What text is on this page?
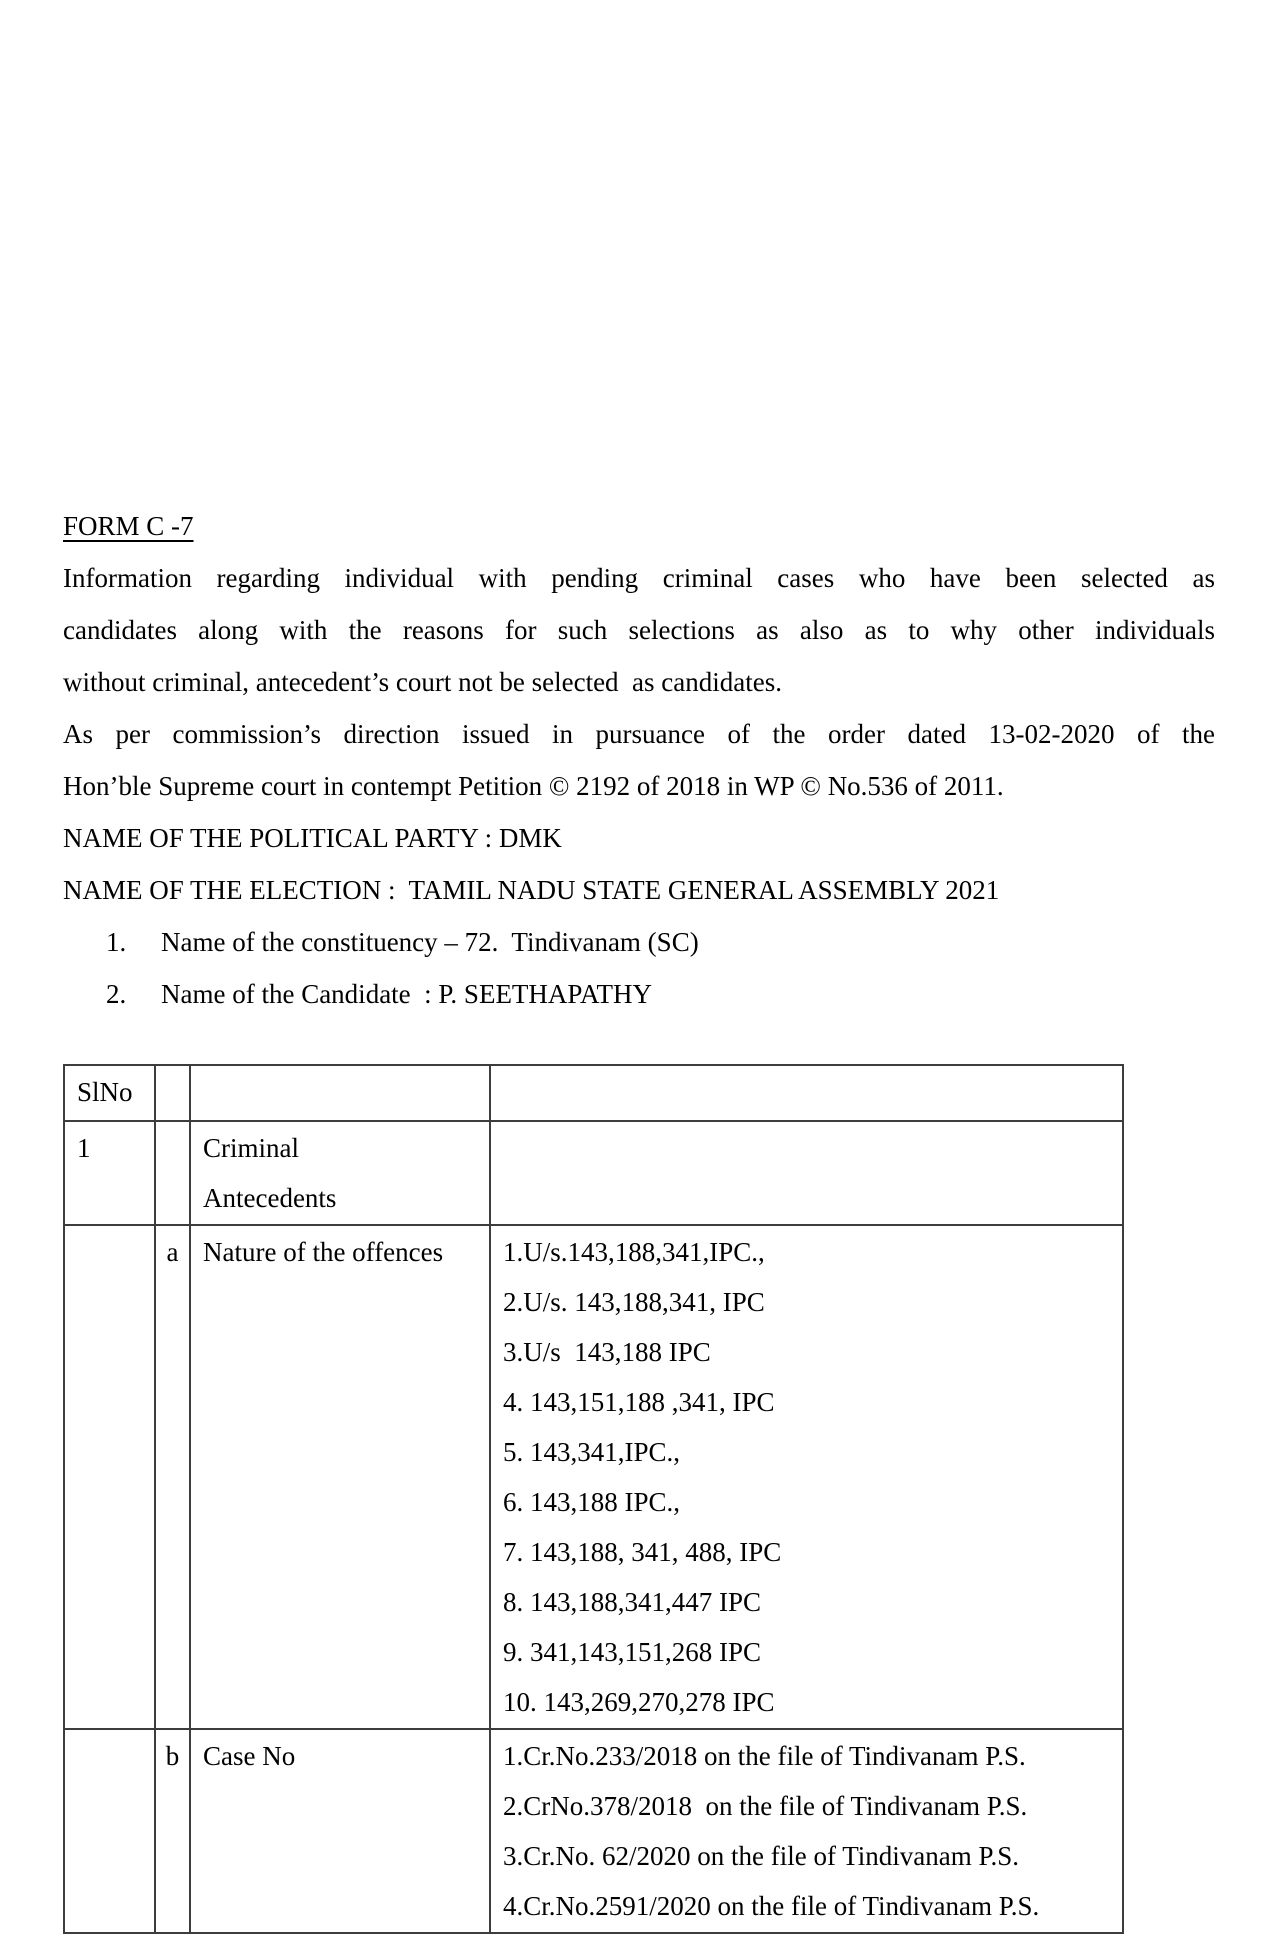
FORM C -7
Information regarding individual with pending criminal cases who have been selected as
candidates along with the reasons for such selections as also as to why other individuals
without criminal, antecedent’s court not be selected  as candidates.
As per commission’s direction issued in pursuance of the order dated 13-02-2020 of the
Hon’ble Supreme court in contempt Petition © 2192 of 2018 in WP © No.536 of 2011.
NAME OF THE POLITICAL PARTY : DMK
NAME OF THE ELECTION :  TAMIL NADU STATE GENERAL ASSEMBLY 2021
1. Name of the constituency – 72.  Tindivanam (SC)
2. Name of the Candidate  : P. SEETHAPATHY
SlNo			
1		Criminal
Antecedents	

	a	Nature of the offences	1.U/s.143,188,341,IPC.,
2.U/s. 143,188,341, IPC
3.U/s  143,188 IPC
4. 143,151,188 ,341, IPC
5. 143,341,IPC.,
6. 143,188 IPC.,
7. 143,188, 341, 488, IPC
8. 143,188,341,447 IPC
9. 341,143,151,268 IPC
10. 143,269,270,278 IPC

	b	Case No	1.Cr.No.233/2018 on the file of Tindivanam P.S.
2.CrNo.378/2018  on the file of Tindivanam P.S.
3.Cr.No. 62/2020 on the file of Tindivanam P.S.
4.Cr.No.2591/2020 on the file of Tindivanam P.S.
